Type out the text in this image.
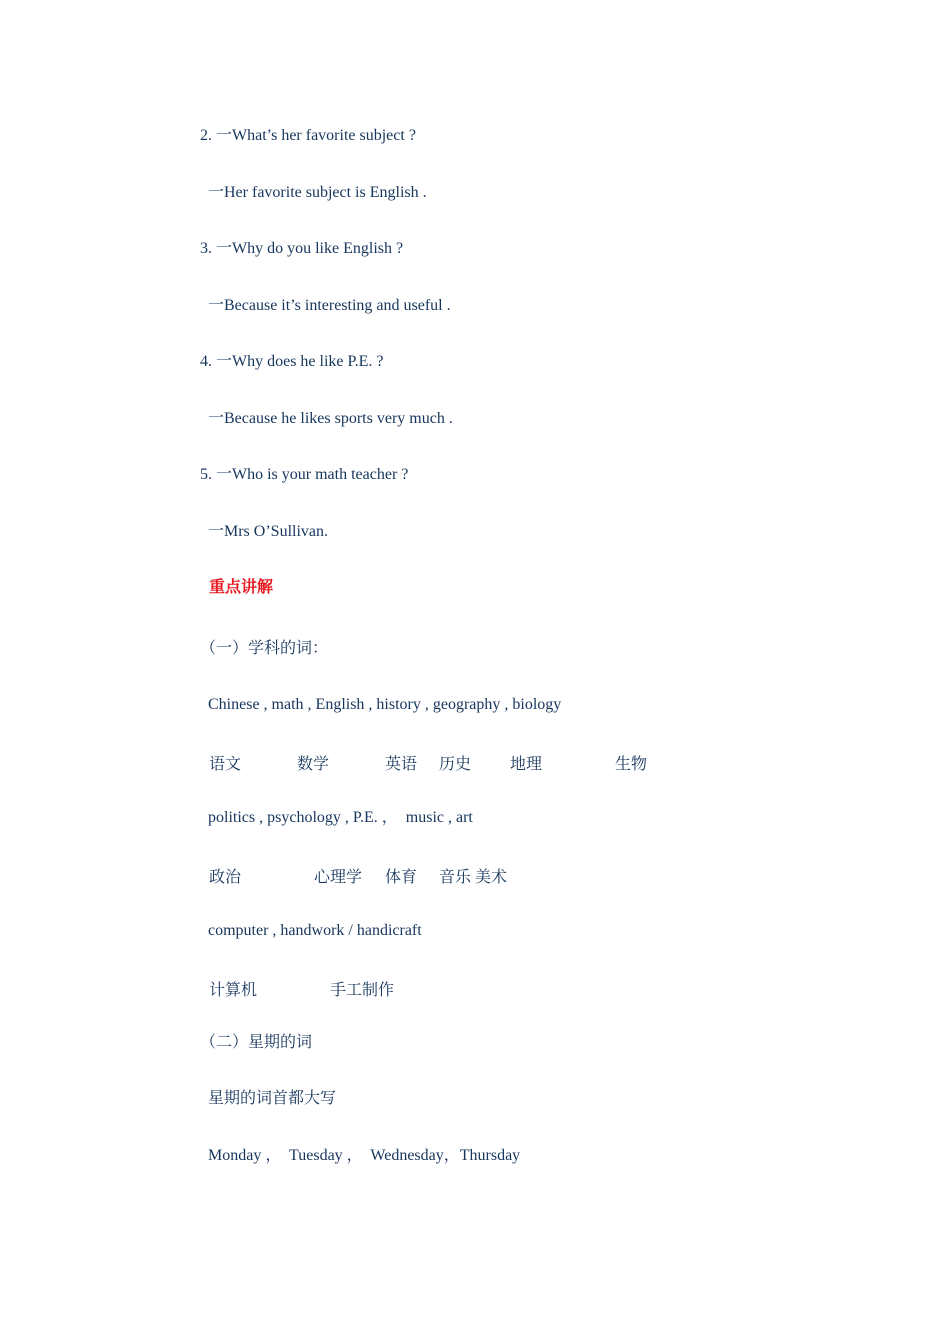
2. 一What’s her favorite subject ?
一Her favorite subject is English .
3. 一Why do you like English ?
一Because it’s interesting and useful .
4. 一Why does he like P.E. ?
一Because he likes sports very much .
5. 一Who is your math teacher ?
一Mrs O’Sullivan.
重点讲解
（一）学科的词：
Chinese , math , English , history , geography , biology
语文	数学	英语 历史 地理	生物
politics , psychology , P.E. ，  music , art
政治	心理学 体育 音乐 美术
computer , handwork / handicraft
计算机	手工制作
（二）星期的词
星期的词首都大写
Monday ，  Tuesday ，  Wednesday，Thursday
